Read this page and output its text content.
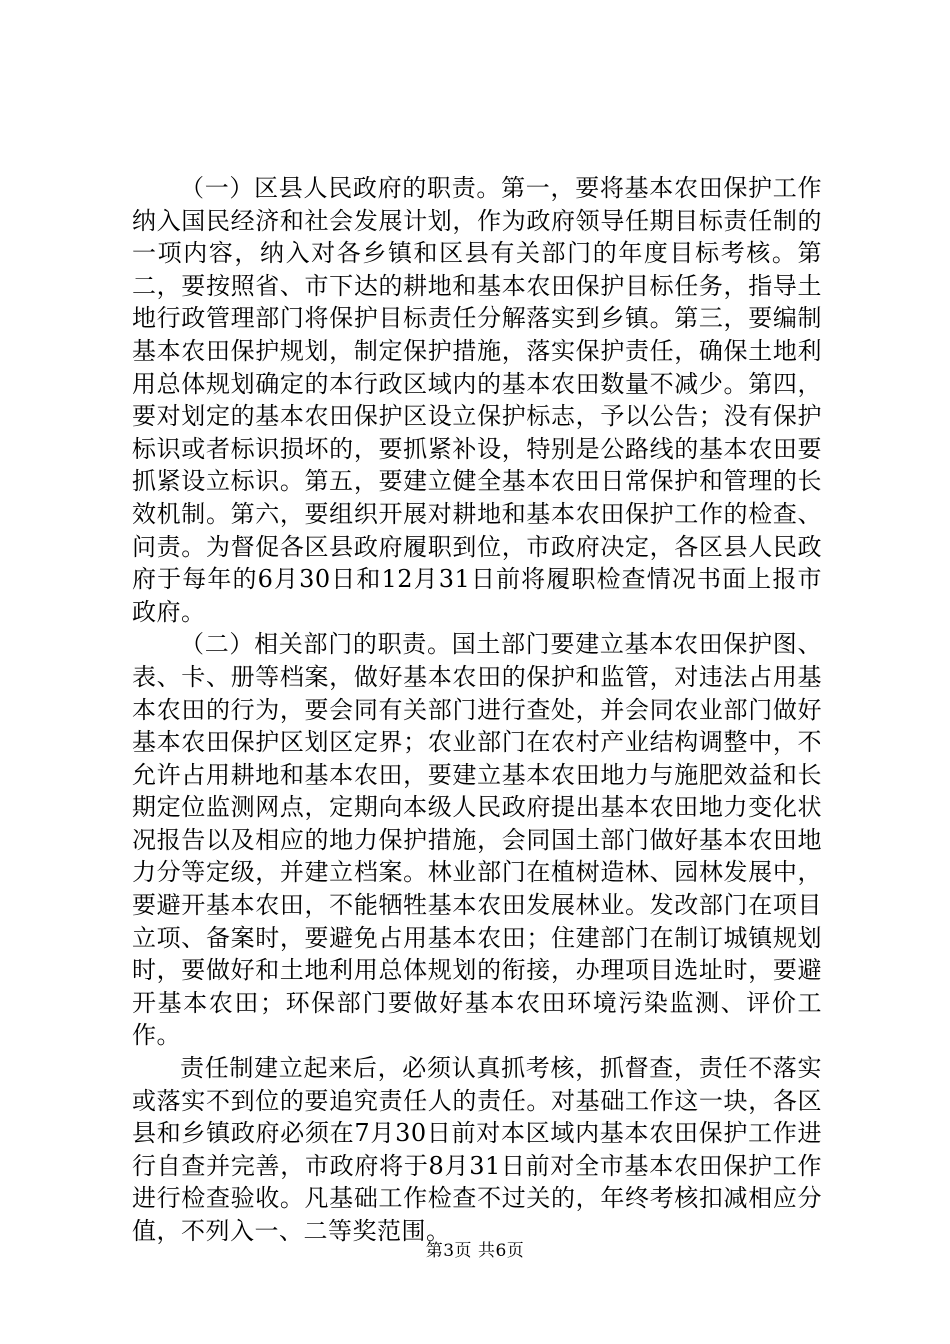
（一）区县人民政府的职责。第一，要将基本农田保护工作纳入国民经济和社会发展计划，作为政府领导任期目标责任制的一项内容，纳入对各乡镇和区县有关部门的年度目标考核。第二，要按照省、市下达的耕地和基本农田保护目标任务，指导土地行政管理部门将保护目标责任分解落实到乡镇。第三，要编制基本农田保护规划，制定保护措施，落实保护责任，确保土地利用总体规划确定的本行政区域内的基本农田数量不减少。第四，要对划定的基本农田保护区设立保护标志，予以公告；没有保护标识或者标识损坏的，要抓紧补设，特别是公路线的基本农田要抓紧设立标识。第五，要建立健全基本农田日常保护和管理的长效机制。第六，要组织开展对耕地和基本农田保护工作的检查、问责。为督促各区县政府履职到位，市政府决定，各区县人民政府于每年的6月30日和12月31日前将履职检查情况书面上报市政府。

（二）相关部门的职责。国土部门要建立基本农田保护图、表、卡、册等档案，做好基本农田的保护和监管，对违法占用基本农田的行为，要会同有关部门进行查处，并会同农业部门做好基本农田保护区划区定界；农业部门在农村产业结构调整中，不允许占用耕地和基本农田，要建立基本农田地力与施肥效益和长期定位监测网点，定期向本级人民政府提出基本农田地力变化状况报告以及相应的地力保护措施，会同国土部门做好基本农田地力分等定级，并建立档案。林业部门在植树造林、园林发展中，要避开基本农田，不能牺牲基本农田发展林业。发改部门在项目立项、备案时，要避免占用基本农田；住建部门在制订城镇规划时，要做好和土地利用总体规划的衔接，办理项目选址时，要避开基本农田；环保部门要做好基本农田环境污染监测、评价工作。

责任制建立起来后，必须认真抓考核，抓督查，责任不落实或落实不到位的要追究责任人的责任。对基础工作这一块，各区县和乡镇政府必须在7月30日前对本区域内基本农田保护工作进行自查并完善，市政府将于8月31日前对全市基本农田保护工作进行检查验收。凡基础工作检查不过关的，年终考核扣减相应分值，不列入一、二等奖范围。

第3页 共6页
